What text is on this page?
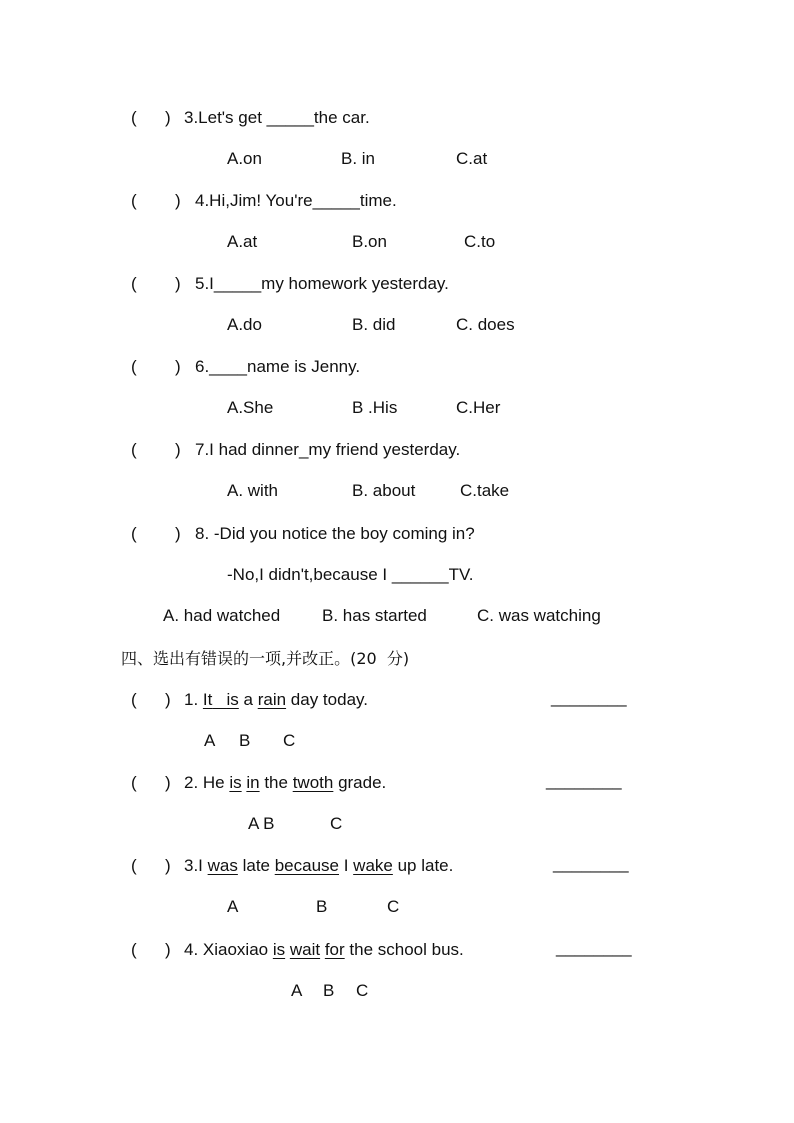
( ) 3.Let's get _____the car.
A.on	B. in	C.at
( ) 4.Hi,Jim! You're_____time.
A.at	B.on	C.to
( ) 5.I_____my homework yesterday.
A.do	B. did	C. does
( ) 6.____name is Jenny.
A.She	B .His	C.Her
( ) 7.I had dinner_my friend yesterday.
A. with	B. about	C.take
( ) 8. -Did you notice the boy coming in?
-No,I didn't,because I ______TV.
A. had watched B. has started	C. was watching
四、选出有错误的一项,并改正。(20  分)
( ) 1. It is a rain day today.	________
A B C
( ) 2. He is in the twoth grade.	________
A B	C
( ) 3.I was late because I wake up late.	________
A	B	C
( ) 4. Xiaoxiao is wait for the school bus.	________
A B C
